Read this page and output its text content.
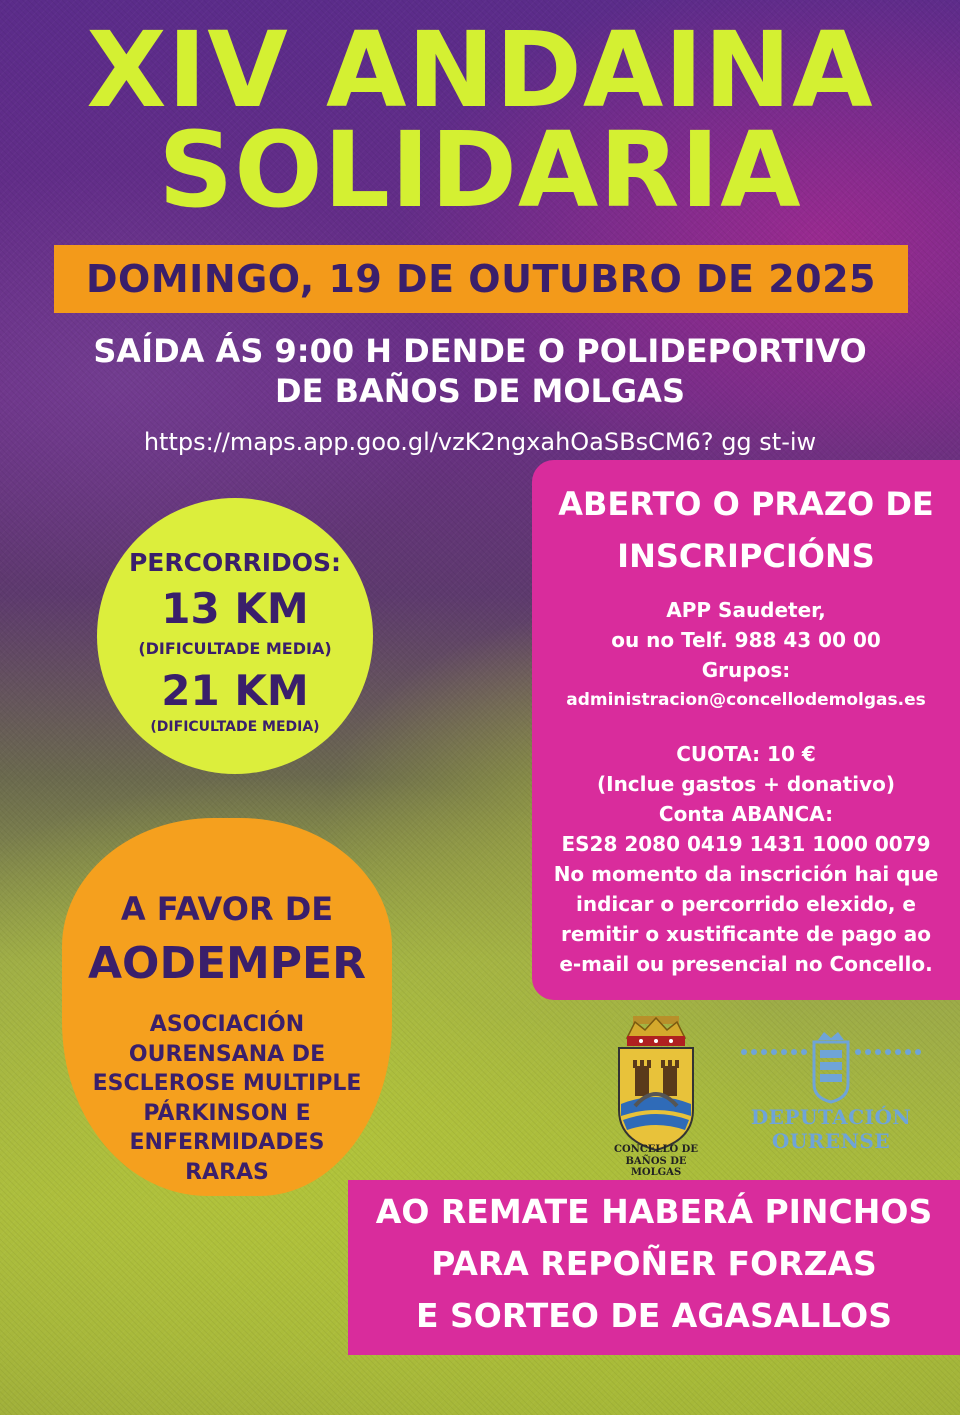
XIV ANDAINA
SOLIDARIA
DOMINGO, 19 DE OUTUBRO DE 2025

SAÍDA ÁS 9:00 H DENDE O POLIDEPORTIVO

DE BAÑOS DE MOLGAS

https://maps.app.goo.gl/vzK2ngxahOaSBsCM6? gg st-iw

PERCORRIDOS:
13 KM
(DIFICULTADE MEDIA)
21 KM
(DIFICULTADE MEDIA)
A FAVOR DE
AODEMPER
ASOCIACIÓN
OURENSANA DE
ESCLEROSE MULTIPLE
PÁRKINSON E
ENFERMIDADES
RARAS
ABERTO O PRAZO DE
INSCRIPCIÓNS
APP Saudeter,
ou no Telf. 988 43 00 00
Grupos:
administracion@concellodemolgas.es
CUOTA: 10 €
(Inclue gastos + donativo)
Conta ABANCA:
ES28 2080 0419 1431 1000 0079
No momento da inscrición hai que
indicar o percorrido elexido, e
remitir o xustificante de pago ao
e-mail ou presencial no Concello.
CONCELLO DE
BAÑOS DE MOLGAS
DEPUTACIÓN
OURENSE
AO REMATE HABERÁ PINCHOS
PARA REPOÑER FORZAS
E SORTEO DE AGASALLOS
